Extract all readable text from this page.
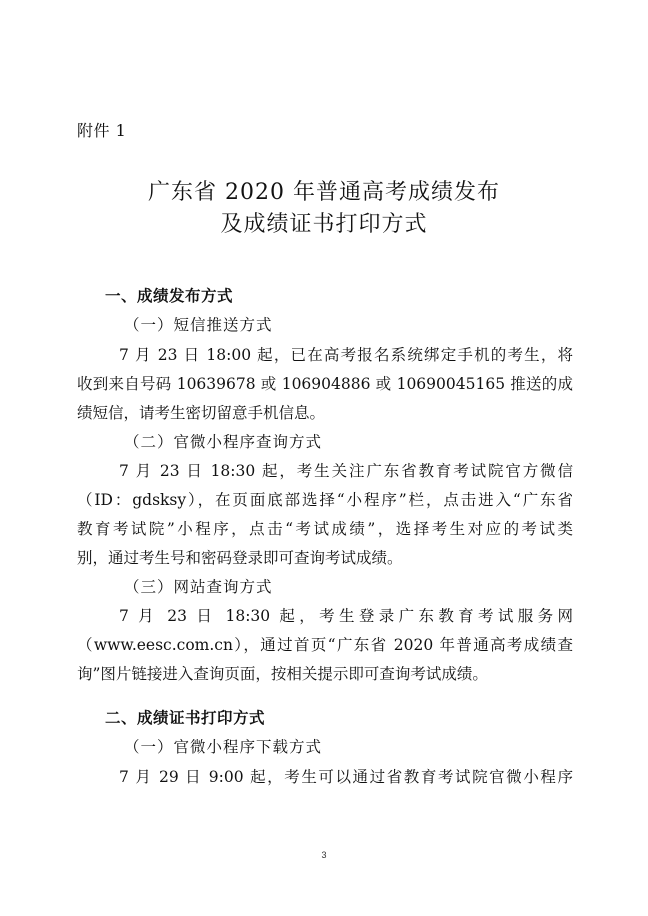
附件 1
广东省 2020 年普通高考成绩发布
及成绩证书打印方式
一、成绩发布方式
（一）短信推送方式
7 月 23 日 18:00 起，已在高考报名系统绑定手机的考生，将
收到来自号码 10639678 或 106904886 或 10690045165 推送的成
绩短信，请考生密切留意手机信息。
（二）官微小程序查询方式
7 月 23 日 18:30 起，考生关注广东省教育考试院官方微信
（ID：gdsksy），在页面底部选择“小程序”栏，点击进入“广东省
教育考试院”小程序，点击“考试成绩”，选择考生对应的考试类
别，通过考生号和密码登录即可查询考试成绩。
（三）网站查询方式
7 月 23 日 18:30 起，考生登录广东教育考试服务网
（www.eesc.com.cn），通过首页“广东省 2020 年普通高考成绩查
询”图片链接进入查询页面，按相关提示即可查询考试成绩。
二、成绩证书打印方式
（一）官微小程序下载方式
7 月 29 日 9:00 起，考生可以通过省教育考试院官微小程序
3
